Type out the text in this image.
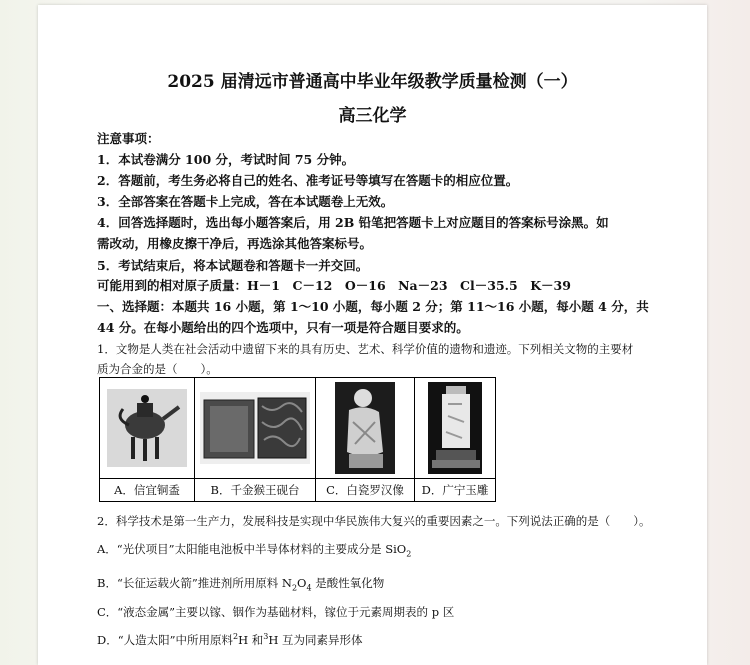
2025 届清远市普通高中毕业年级教学质量检测（一）
高三化学
注意事项：
1．本试卷满分 100 分，考试时间 75 分钟。
2．答题前，考生务必将自己的姓名、准考证号等填写在答题卡的相应位置。
3．全部答案在答题卡上完成，答在本试题卷上无效。
4．回答选择题时，选出每小题答案后，用 2B 铅笔把答题卡上对应题目的答案标号涂黑。如
需改动，用橡皮擦干净后，再选涂其他答案标号。
5．考试结束后，将本试题卷和答题卡一并交回。
可能用到的相对原子质量：H－1　C－12　O－16　Na－23　Cl－35.5　K－39
一、选择题：本题共 16 小题，第 1～10 小题，每小题 2 分；第 11～16 小题，每小题 4 分，共
44 分。在每小题给出的四个选项中，只有一项是符合题目要求的。
1．文物是人类在社会活动中遗留下来的具有历史、艺术、科学价值的遗物和遗迹。下列相关文物的主要材
质为合金的是（　　）。
A．信宜铜盉	B．千金猴王砚台	C．白瓷罗汉像	D．广宁玉雕
2．科学技术是第一生产力，发展科技是实现中华民族伟大复兴的重要因素之一。下列说法正确的是（　　）。
A．“光伏项目”太阳能电池板中半导体材料的主要成分是 SiO$_2$
B．“长征运载火箭”推进剂所用原料 $N_2O_4$ 是酸性氧化物
C．“液态金属”主要以镓、铟作为基础材料，镓位于元素周期表的 p 区
D．“人造太阳”中所用原料$^2$H 和$^3$H 互为同素异形体
